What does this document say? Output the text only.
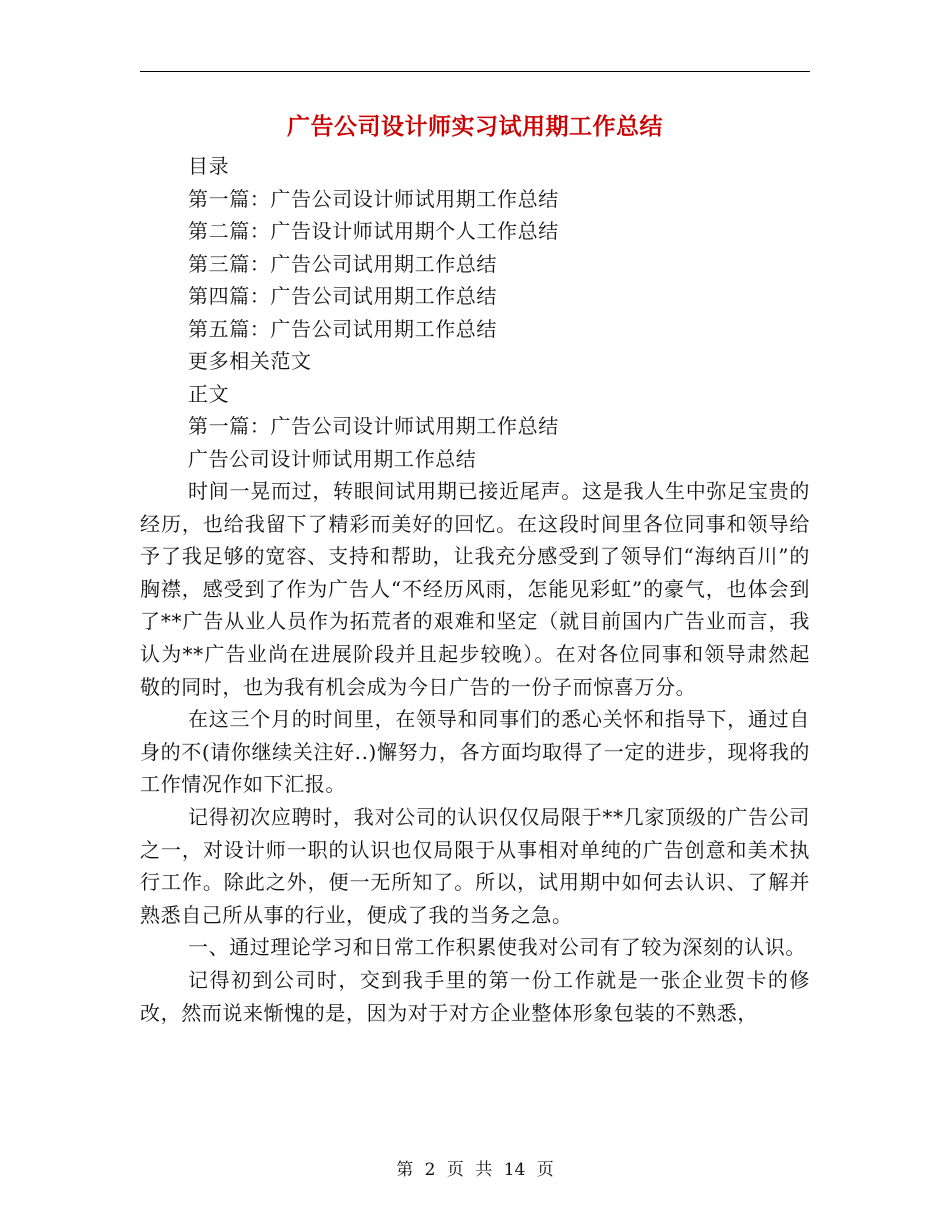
广告公司设计师实习试用期工作总结
目录
第一篇：广告公司设计师试用期工作总结
第二篇：广告设计师试用期个人工作总结
第三篇：广告公司试用期工作总结
第四篇：广告公司试用期工作总结
第五篇：广告公司试用期工作总结
更多相关范文
正文
第一篇：广告公司设计师试用期工作总结
广告公司设计师试用期工作总结

时间一晃而过，转眼间试用期已接近尾声。这是我人生中弥足宝贵的经历，也给我留下了精彩而美好的回忆。在这段时间里各位同事和领导给予了我足够的宽容、支持和帮助，让我充分感受到了领导们“海纳百川”的胸襟，感受到了作为广告人“不经历风雨，怎能见彩虹”的豪气，也体会到了**广告从业人员作为拓荒者的艰难和坚定（就目前国内广告业而言，我认为**广告业尚在进展阶段并且起步较晚）。在对各位同事和领导肃然起敬的同时，也为我有机会成为今日广告的一份子而惊喜万分。

在这三个月的时间里，在领导和同事们的悉心关怀和指导下，通过自身的不(请你继续关注好..)懈努力，各方面均取得了一定的进步，现将我的工作情况作如下汇报。

记得初次应聘时，我对公司的认识仅仅局限于**几家顶级的广告公司之一，对设计师一职的认识也仅局限于从事相对单纯的广告创意和美术执行工作。除此之外，便一无所知了。所以，试用期中如何去认识、了解并熟悉自己所从事的行业，便成了我的当务之急。

一、通过理论学习和日常工作积累使我对公司有了较为深刻的认识。

记得初到公司时，交到我手里的第一份工作就是一张企业贺卡的修改，然而说来惭愧的是，因为对于对方企业整体形象包装的不熟悉，

第 2 页 共 14 页
